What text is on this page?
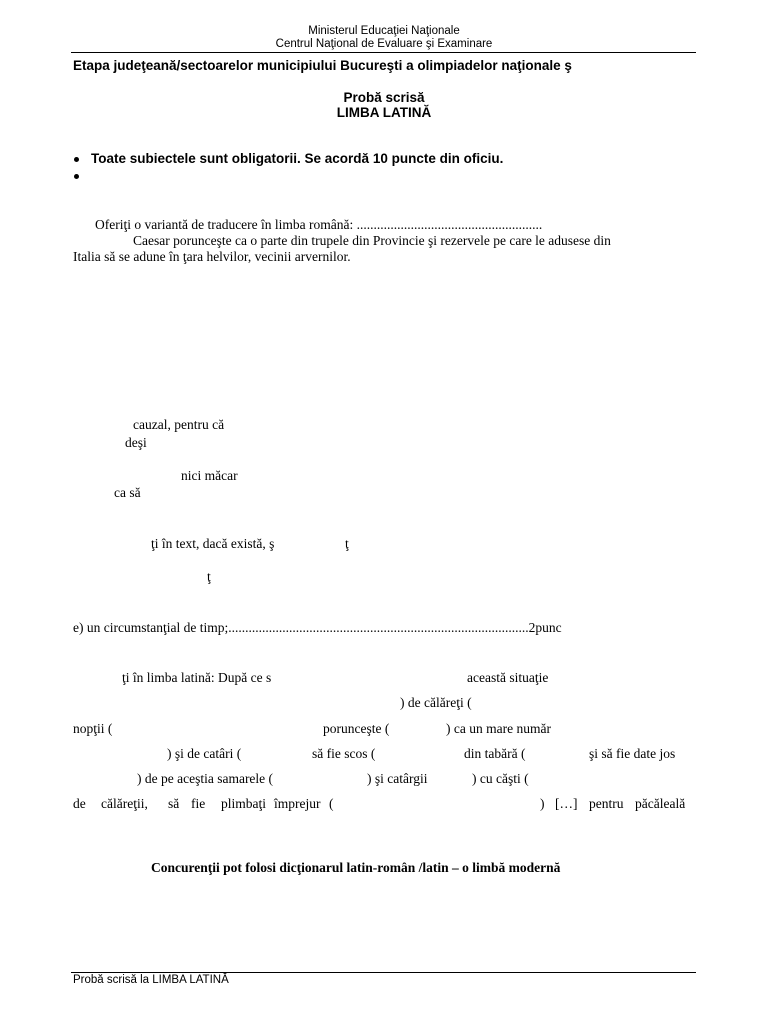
Ministerul Educaţiei Naţionale
Centrul Naţional de Evaluare şi Examinare
Etapa judeţeană/sectoarelor municipiului Bucureşti a olimpiadelor naţionale ş
Probă scrisă
LIMBA LATINĂ
Toate subiectele sunt obligatorii. Se acordă 10 puncte din oficiu.
Oferiţi o variantă de traducere în limba română: .......................................................
Caesar porunceşte ca o parte din trupele din Provincie şi rezervele pe care le adusese din
Italia să se adune în ţara helvilor, vecinii arvernilor.
cauzal, pentru că
deşi
nici măcar
ca să
ţi în text, dacă există, ş	ţ
ţ
e) un circumstanţial de timp;.........................................................................................2punc
ţi în limba latină: După ce s	această situaţie
) de călăreţi (
nopţii (	porunceşte (	) ca un mare număr
) şi de catâri (	să fie scos (	din tabără (	şi să fie date jos
) de pe aceştia samarele (	) şi catârgii	) cu căşti (
de călăreţii, să fie plimbaţi împrejur (	) […] pentru păcăleală
Concurenţii pot folosi dicţionarul latin-român /latin – o limbă modernă
Probă scrisă la LIMBA LATINĂ
